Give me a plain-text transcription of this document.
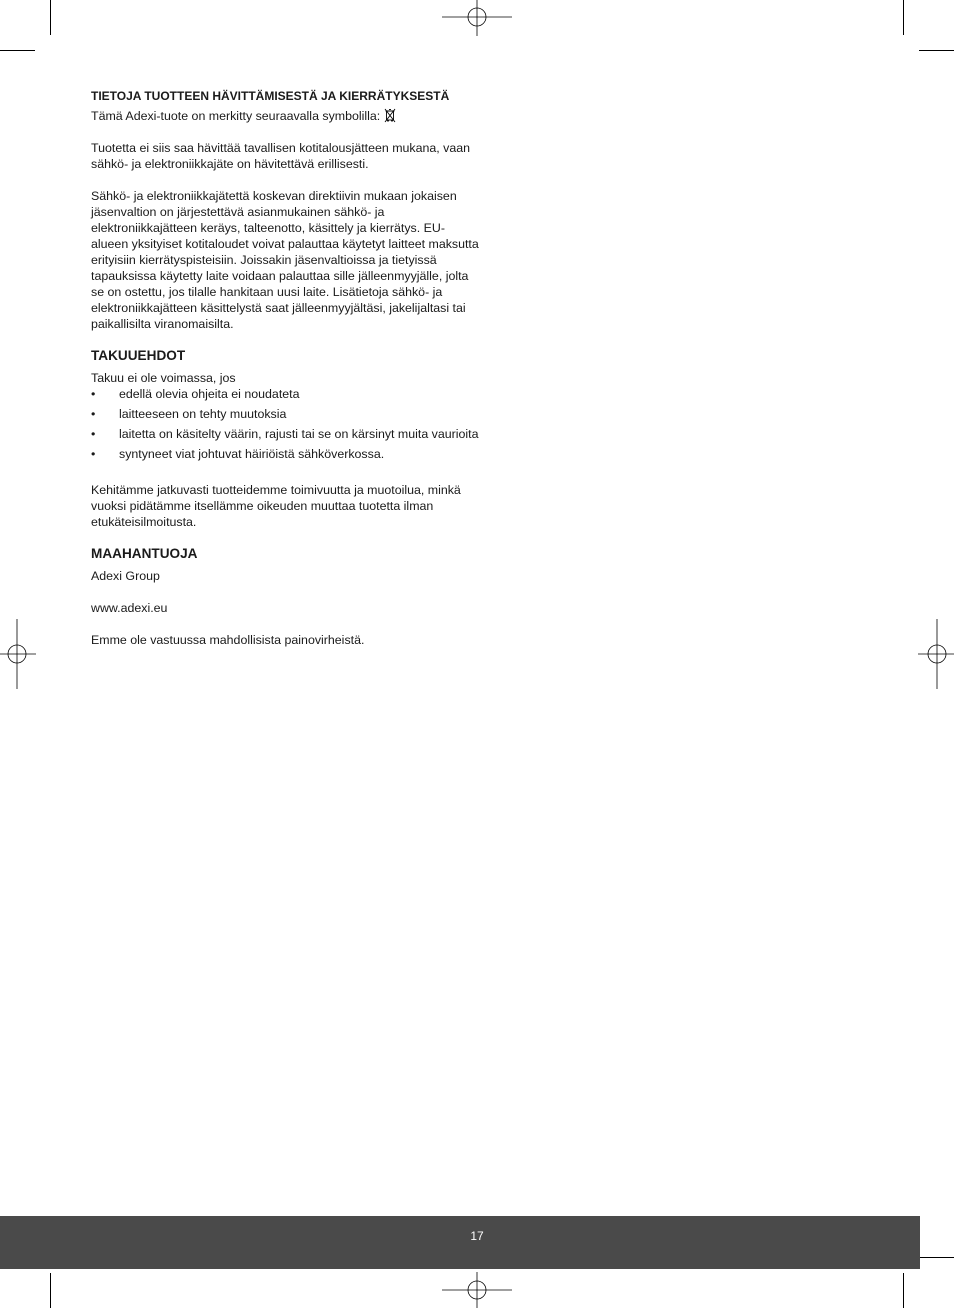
TIETOJA TUOTTEEN HÄVITTÄMISESTÄ JA KIERRÄTYKSESTÄ

Tämä Adexi-tuote on merkitty seuraavalla symbolilla:

Tuotetta ei siis saa hävittää tavallisen kotitalousjätteen mukana, vaan sähkö- ja elektroniikkajäte on hävitettävä erillisesti.

Sähkö- ja elektroniikkajätettä koskevan direktiivin mukaan jokaisen jäsenvaltion on järjestettävä asianmukainen sähkö- ja elektroniikkajätteen keräys, talteenotto, käsittely ja kierrätys. EU-alueen yksityiset kotitaloudet voivat palauttaa käytetyt laitteet maksutta erityisiin kierrätyspisteisiin. Joissakin jäsenvaltioissa ja tietyissä tapauksissa käytetty laite voidaan palauttaa sille jälleenmyyjälle, jolta se on ostettu, jos tilalle hankitaan uusi laite. Lisätietoja sähkö- ja elektroniikkajätteen käsittelystä saat jälleenmyyjältäsi, jakelijaltasi tai paikallisilta viranomaisilta.

TAKUUEHDOT

Takuu ei ole voimassa, jos

• edellä olevia ohjeita ei noudateta
• laitteeseen on tehty muutoksia
• laitetta on käsitelty väärin, rajusti tai se on kärsinyt muita vaurioita
• syntyneet viat johtuvat häiriöistä sähköverkossa.

Kehitämme jatkuvasti tuotteidemme toimivuutta ja muotoilua, minkä vuoksi pidätämme itsellämme oikeuden muuttaa tuotetta ilman etukäteisilmoitusta.

MAAHANTUOJA

Adexi Group

www.adexi.eu

Emme ole vastuussa mahdollisista painovirheistä.

17
